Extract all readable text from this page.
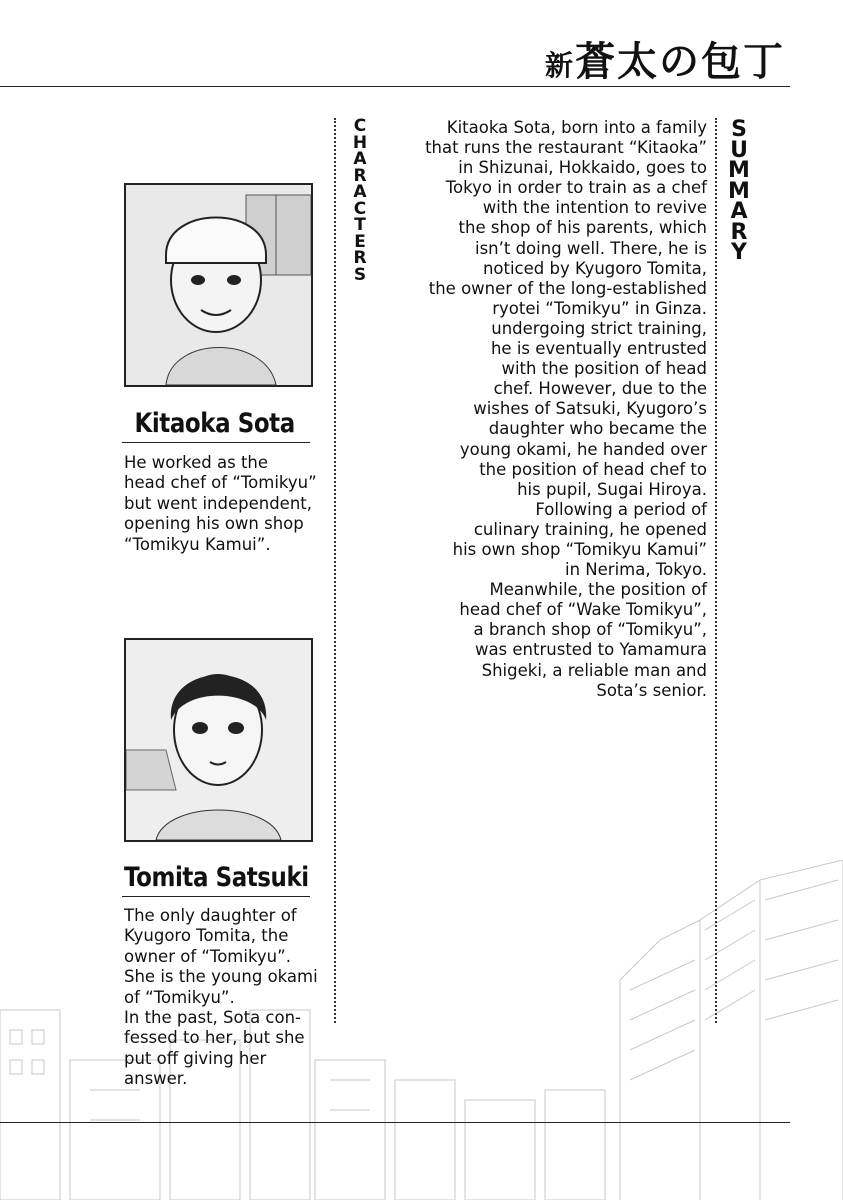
新蒼太の包丁
Kitaoka Sota
He worked as the
head chef of “Tomikyu”
but went independent,
opening his own shop
“Tomikyu Kamui”.
Tomita Satsuki
The only daughter of
Kyugoro Tomita, the
owner of “Tomikyu”.
She is the young okami
of “Tomikyu”.
In the past, Sota con-
fessed to her, but she
put off giving her
answer.
C
H
A
R
A
C
T
E
R
S
S
U
M
M
A
R
Y
Kitaoka Sota, born into a family
that runs the restaurant “Kitaoka”
in Shizunai, Hokkaido, goes to
Tokyo in order to train as a chef
with the intention to revive
the shop of his parents, which
isn’t doing well. There, he is
noticed by Kyugoro Tomita,
the owner of the long-established
ryotei “Tomikyu” in Ginza.
undergoing strict training,
he is eventually entrusted
with the position of head
chef. However, due to the
wishes of Satsuki, Kyugoro’s
daughter who became the
young okami, he handed over
the position of head chef to
his pupil, Sugai Hiroya.
Following a period of
culinary training, he opened
his own shop “Tomikyu Kamui”
in Nerima, Tokyo.
Meanwhile, the position of
head chef of “Wake Tomikyu”,
a branch shop of “Tomikyu”,
was entrusted to Yamamura
Shigeki, a reliable man and
Sota’s senior.
